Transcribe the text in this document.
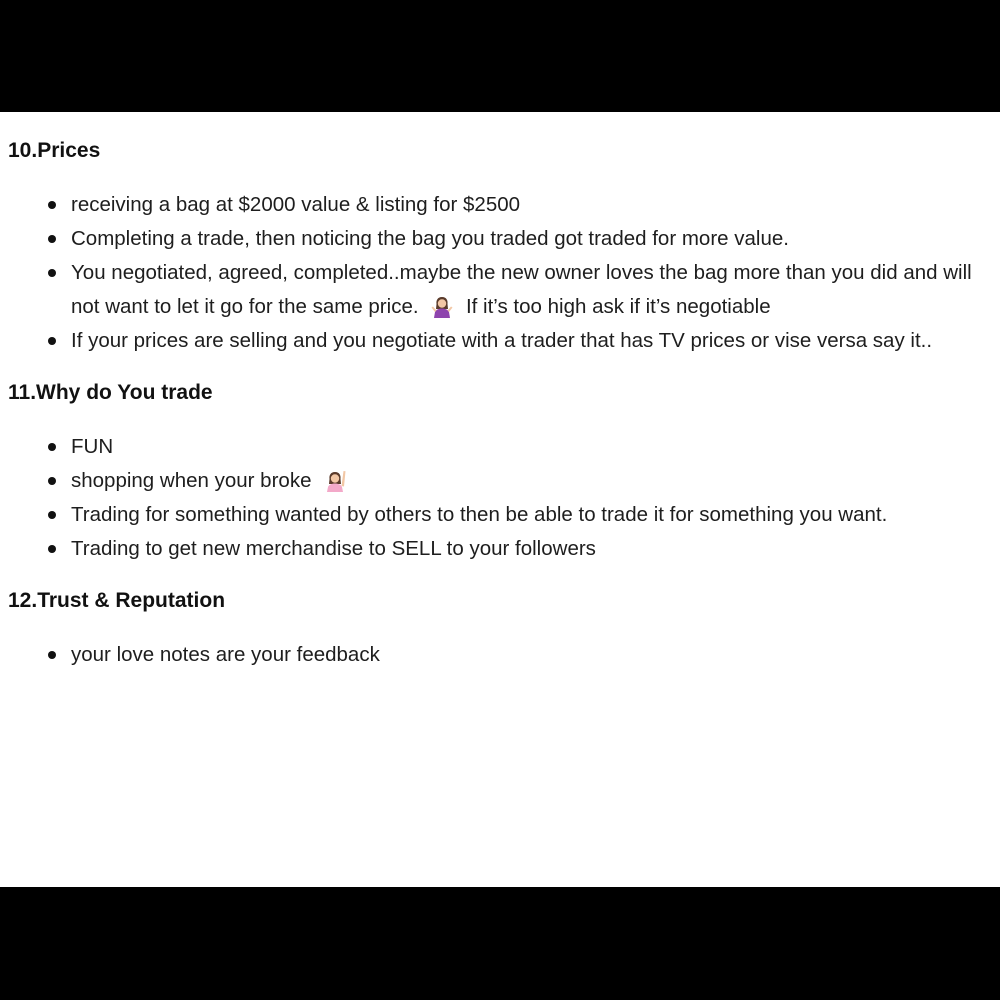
10.Prices
receiving a bag at $2000 value & listing for $2500
Completing a trade, then noticing the bag you traded got traded for more value.
You negotiated, agreed, completed..maybe the new owner loves the bag more than you did and will not want to let it go for the same price. If it’s too high ask if it’s negotiable
If your prices are selling and you negotiate with a trader that has TV prices or vise versa say it..
11.Why do You trade
FUN
shopping when your broke
Trading for something wanted by others to then be able to trade it for something you want.
Trading to get new merchandise to SELL to your followers
12.Trust & Reputation
your love notes are your feedback
